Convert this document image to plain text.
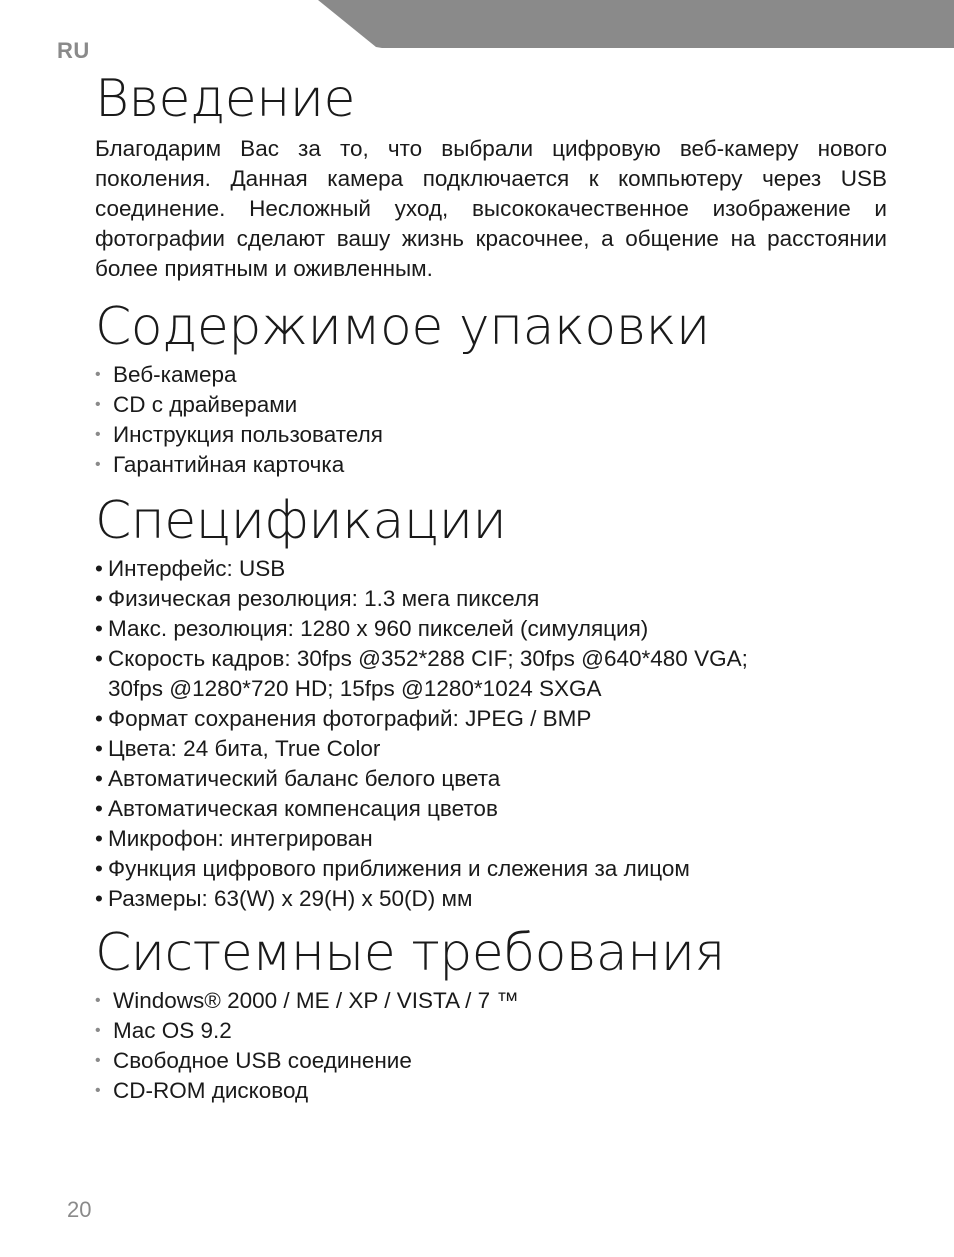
RU
Введение

Благодарим Вас за то, что выбрали цифровую веб-камеру нового поколения. Данная камера подключается к компьютеру через USB соединение. Несложный уход, высококачественное изображение и фотографии сделают вашу жизнь красочнее, а общение на расстоянии более приятным и оживленным.

Содержимое упаковки
• Веб-камера
• CD с драйверами
• Инструкция пользователя
• Гарантийная карточка
Спецификации
• Интерфейс: USB
• Физическая резолюция: 1.3 мега пикселя
• Макс. резолюция: 1280 x 960 пикселей (симуляция)
• Скорость кадров: 30fps @352*288 CIF; 30fps @640*480 VGA;
30fps @1280*720 HD; 15fps @1280*1024 SXGA
• Формат сохранения фотографий: JPEG / BMP
• Цвета: 24 бита, True Color
• Автоматический баланс белого цвета
• Автоматическая компенсация цветов
• Микрофон: интегрирован
• Функция цифрового приближения и слежения за лицом
• Размеры: 63(W) x 29(H) x 50(D) мм
Системные требования
• Windows® 2000 / ME / XP / VISTA / 7 ™
• Mac OS 9.2
• Свободное USB соединение
• CD-ROM дисковод
20
